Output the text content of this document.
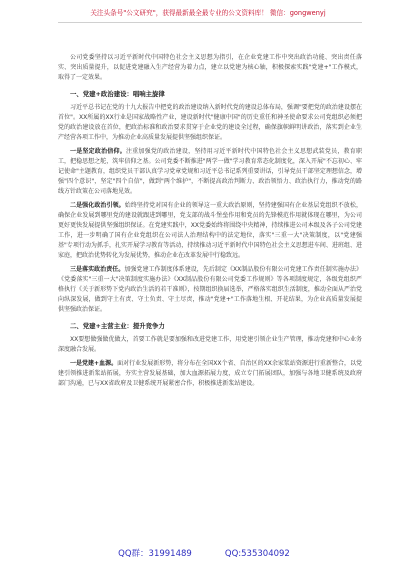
关注头条号"公文研究"，获得最新最全最专业的公文资料库！ 微信：gongwenyj

公司党委坚持以习近平新时代中国特色社会主义思想为指引，在企业党建工作中突出政治功能、突出责任落实、突出质量提升，以促进党建融入生产经营为着力点，建立以党建为核心轴，积极探索实践"党建+"工作模式，取得了一定效果。

一、党建+政治建设：唱响主旋律

习近平总书记在党的十九大报告中把党的政治建设纳入新时代党的建设总体布局，强调"要把党的政治建设摆在首位"。XX所属的XX行业是国家战略性产业，建设新时代"健康中国"的历史重任和神圣使命要求公司党组织必须把党的政治建设放在首位，把政治标准和政治要求贯穿于企业党的建设全过程，确保旗帜鲜明讲政治，落实到企业生产经营各项工作中，为推动企业高质量发展提供坚强组织保证。

一是坚定政治信仰。注重加强党的政治建设，坚持用习近平新时代中国特色社会主义思想武装党员，教育职工，把稳思想之舵，筑牢信仰之基。公司党委不断推进"两学一做"学习教育常态化制度化，深入开展"不忘初心、牢记使命"主题教育，组织党员干部认真学习党章党规和习近平总书记系列重要讲话，引导党员干部坚定理想信念，增强"四个意识"，坚定"四个自信"，做到"两个维护"，不断提高政治判断力、政治领悟力、政治执行力，推动党的路线方针政策在公司落地见效。

二是强化政治引领。始终坚持党对国有企业的领导这一重大政治原则，坚持建强国有企业基层党组织不放松，确保企业发展到哪里党的建设就跟进到哪里，党支部的战斗堡垒作用和党员的先锋模范作用就体现在哪里，为公司更好更快发展提供坚强组织保证。在党建实践中，XX党委始终将围绕中央精神，持续推进公司本级及各子公司党建工作，进一步明确了国有企业党组织在公司法人治理结构中的法定地位，落实"三重一大"决策制度，以"党建强基"专项行动为抓手，扎实开展学习教育等活动，持续推动习近平新时代中国特色社会主义思想进车间、进班组、进家庭，把政治优势转化为发展优势，推动企业在改革发展中行稳致远。

三是落实政治责任。加强党建工作制度体系建设，先后制定《XX制品股份有限公司党建工作责任制实施办法》《党委落实"三重一大"决策制度实施办法》《XX制品股份有限公司党委工作规则》等各项制度规定，各级党组织严格执行《关于新形势下党内政治生活的若干准则》，按期组织换届选举，严格落实组织生活制度，推动全面从严治党向纵深发展，做到守土有责、守土负责、守土尽责，推动"党建+"工作落地生根、开花结果，为企业高质量发展提供坚强政治保证。

二、党建+主营主业：提升竞争力

XX要想做强做优做大，首要工作就是要加强和改进党建工作，用党建引领企业生产管理，推动党建和中心业务深度融合发展。

一是党建+血源。面对行业发展新形势，将分布在全国XX个省、自治区的XX余家浆站资源进行重新整合，以党建引领推进新浆站拓展，夯实主营发展基础，加大血源拓展力度，成立专门拓展团队，加强与各地卫健系统及政府部门沟通，已与XX省政府及卫健系统开展紧密合作，积极推进新浆站建设。

QQ群：31991489	QQ:535304092
